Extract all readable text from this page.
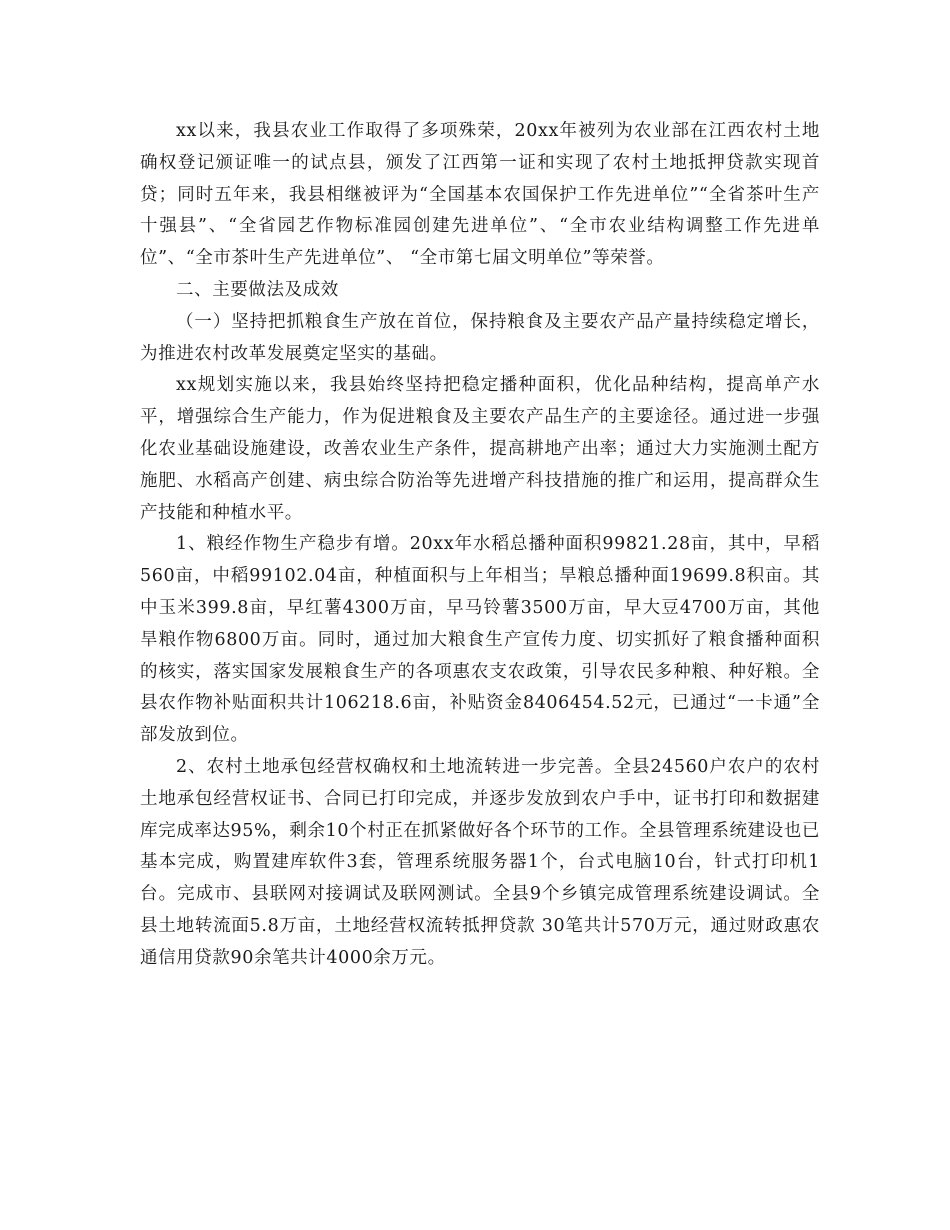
xx以来，我县农业工作取得了多项殊荣，20xx年被列为农业部在江西农村土地确权登记颁证唯一的试点县，颁发了江西第一证和实现了农村土地抵押贷款实现首贷；同时五年来，我县相继被评为“全国基本农国保护工作先进单位”“全省茶叶生产十强县”、“全省园艺作物标准园创建先进单位”、“全市农业结构调整工作先进单位”、“全市茶叶生产先进单位”、 “全市第七届文明单位”等荣誉。

二、主要做法及成效

（一）坚持把抓粮食生产放在首位，保持粮食及主要农产品产量持续稳定增长，为推进农村改革发展奠定坚实的基础。

xx规划实施以来，我县始终坚持把稳定播种面积，优化品种结构，提高单产水平，增强综合生产能力，作为促进粮食及主要农产品生产的主要途径。通过进一步强化农业基础设施建设，改善农业生产条件，提高耕地产出率；通过大力实施测土配方施肥、水稻高产创建、病虫综合防治等先进增产科技措施的推广和运用，提高群众生产技能和种植水平。

1、粮经作物生产稳步有增。20xx年水稻总播种面积99821.28亩，其中，早稻560亩，中稻99102.04亩，种植面积与上年相当；旱粮总播种面19699.8积亩。其中玉米399.8亩，早红薯4300万亩，早马铃薯3500万亩，早大豆4700万亩，其他旱粮作物6800万亩。同时，通过加大粮食生产宣传力度、切实抓好了粮食播种面积的核实，落实国家发展粮食生产的各项惠农支农政策，引导农民多种粮、种好粮。全县农作物补贴面积共计106218.6亩，补贴资金8406454.52元，已通过“一卡通”全部发放到位。

2、农村土地承包经营权确权和土地流转进一步完善。全县24560户农户的农村土地承包经营权证书、合同已打印完成，并逐步发放到农户手中，证书打印和数据建库完成率达95%，剩余10个村正在抓紧做好各个环节的工作。全县管理系统建设也已基本完成，购置建库软件3套，管理系统服务器1个，台式电脑10台，针式打印机1台。完成市、县联网对接调试及联网测试。全县9个乡镇完成管理系统建设调试。全县土地转流面5.8万亩，土地经营权流转抵押贷款 30笔共计570万元，通过财政惠农通信用贷款90余笔共计4000余万元。
